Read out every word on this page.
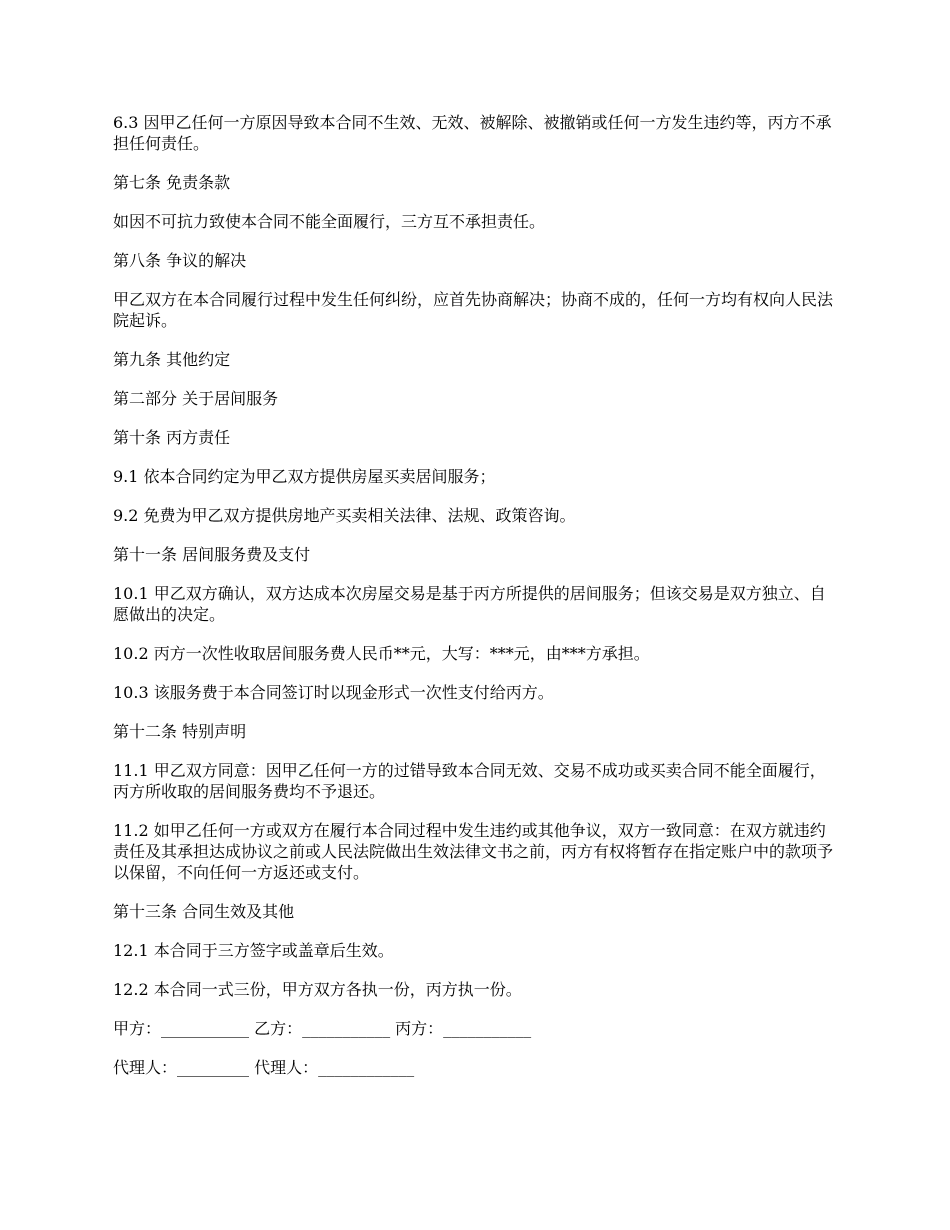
6.3 因甲乙任何一方原因导致本合同不生效、无效、被解除、被撤销或任何一方发生违约等，丙方不承担任何责任。

第七条 免责条款

如因不可抗力致使本合同不能全面履行，三方互不承担责任。

第八条 争议的解决

甲乙双方在本合同履行过程中发生任何纠纷，应首先协商解决；协商不成的，任何一方均有权向人民法院起诉。

第九条 其他约定

第二部分 关于居间服务

第十条 丙方责任

9.1 依本合同约定为甲乙双方提供房屋买卖居间服务；

9.2 免费为甲乙双方提供房地产买卖相关法律、法规、政策咨询。

第十一条 居间服务费及支付

10.1 甲乙双方确认，双方达成本次房屋交易是基于丙方所提供的居间服务；但该交易是双方独立、自愿做出的决定。

10.2 丙方一次性收取居间服务费人民币**元，大写：***元，由***方承担。

10.3 该服务费于本合同签订时以现金形式一次性支付给丙方。

第十二条 特别声明

11.1 甲乙双方同意：因甲乙任何一方的过错导致本合同无效、交易不成功或买卖合同不能全面履行，丙方所收取的居间服务费均不予退还。

11.2 如甲乙任何一方或双方在履行本合同过程中发生违约或其他争议，双方一致同意：在双方就违约责任及其承担达成协议之前或人民法院做出生效法律文书之前，丙方有权将暂存在指定账户中的款项予以保留，不向任何一方返还或支付。

第十三条 合同生效及其他

12.1 本合同于三方签字或盖章后生效。

12.2 本合同一式三份，甲方双方各执一份，丙方执一份。

甲方：___________ 乙方：___________ 丙方：___________

代理人：_________ 代理人：____________
